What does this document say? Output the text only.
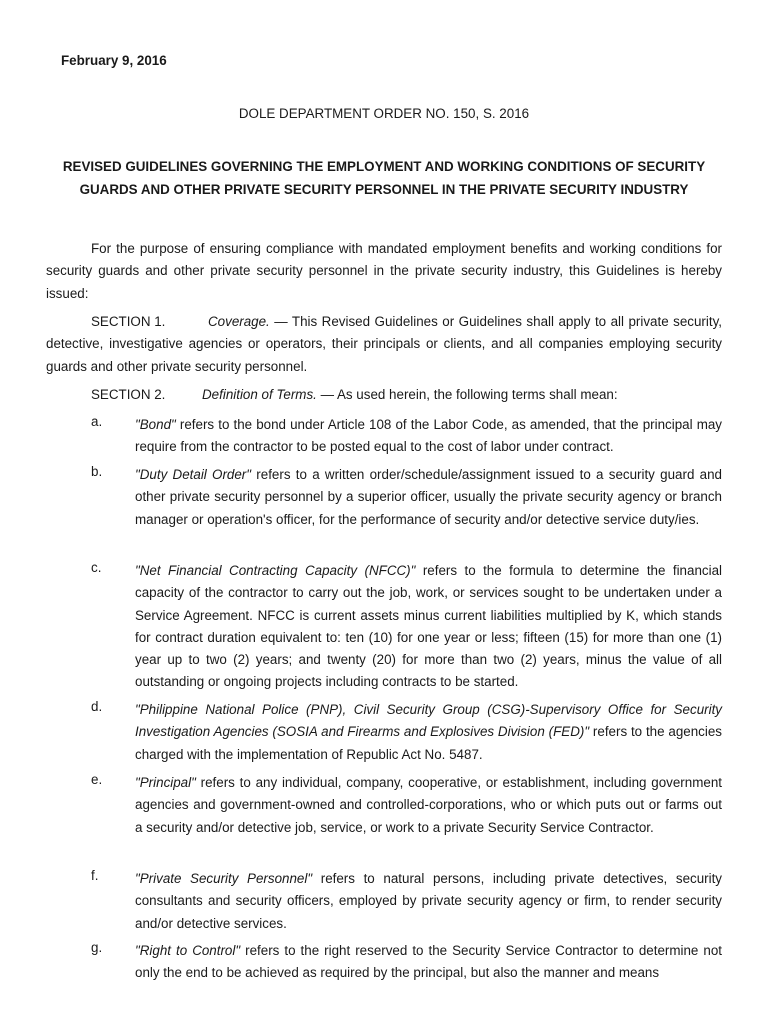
February 9, 2016
DOLE DEPARTMENT ORDER NO. 150, S. 2016
REVISED GUIDELINES GOVERNING THE EMPLOYMENT AND WORKING CONDITIONS OF SECURITY GUARDS AND OTHER PRIVATE SECURITY PERSONNEL IN THE PRIVATE SECURITY INDUSTRY
For the purpose of ensuring compliance with mandated employment benefits and working conditions for security guards and other private security personnel in the private security industry, this Guidelines is hereby issued:
SECTION 1.	Coverage. — This Revised Guidelines or Guidelines shall apply to all private security, detective, investigative agencies or operators, their principals or clients, and all companies employing security guards and other private security personnel.
SECTION 2.	Definition of Terms. — As used herein, the following terms shall mean:
a. "Bond" refers to the bond under Article 108 of the Labor Code, as amended, that the principal may require from the contractor to be posted equal to the cost of labor under contract.
b. "Duty Detail Order" refers to a written order/schedule/assignment issued to a security guard and other private security personnel by a superior officer, usually the private security agency or branch manager or operation's officer, for the performance of security and/or detective service duty/ies.
c.	"Net Financial Contracting Capacity (NFCC)" refers to the formula to determine the financial capacity of the contractor to carry out the job, work, or services sought to be undertaken under a Service Agreement. NFCC is current assets minus current liabilities multiplied by K, which stands for contract duration equivalent to: ten (10) for one year or less; fifteen (15) for more than one (1) year up to two (2) years; and twenty (20) for more than two (2) years, minus the value of all outstanding or ongoing projects including contracts to be started.
d. "Philippine National Police (PNP), Civil Security Group (CSG)-Supervisory Office for Security Investigation Agencies (SOSIA and Firearms and Explosives Division (FED)" refers to the agencies charged with the implementation of Republic Act No. 5487.
e. "Principal" refers to any individual, company, cooperative, or establishment, including government agencies and government-owned and controlled-corporations, who or which puts out or farms out a security and/or detective job, service, or work to a private Security Service Contractor.
f.	"Private Security Personnel" refers to natural persons, including private detectives, security consultants and security officers, employed by private security agency or firm, to render security and/or detective services.
g. "Right to Control" refers to the right reserved to the Security Service Contractor to determine not only the end to be achieved as required by the principal, but also the manner and means
